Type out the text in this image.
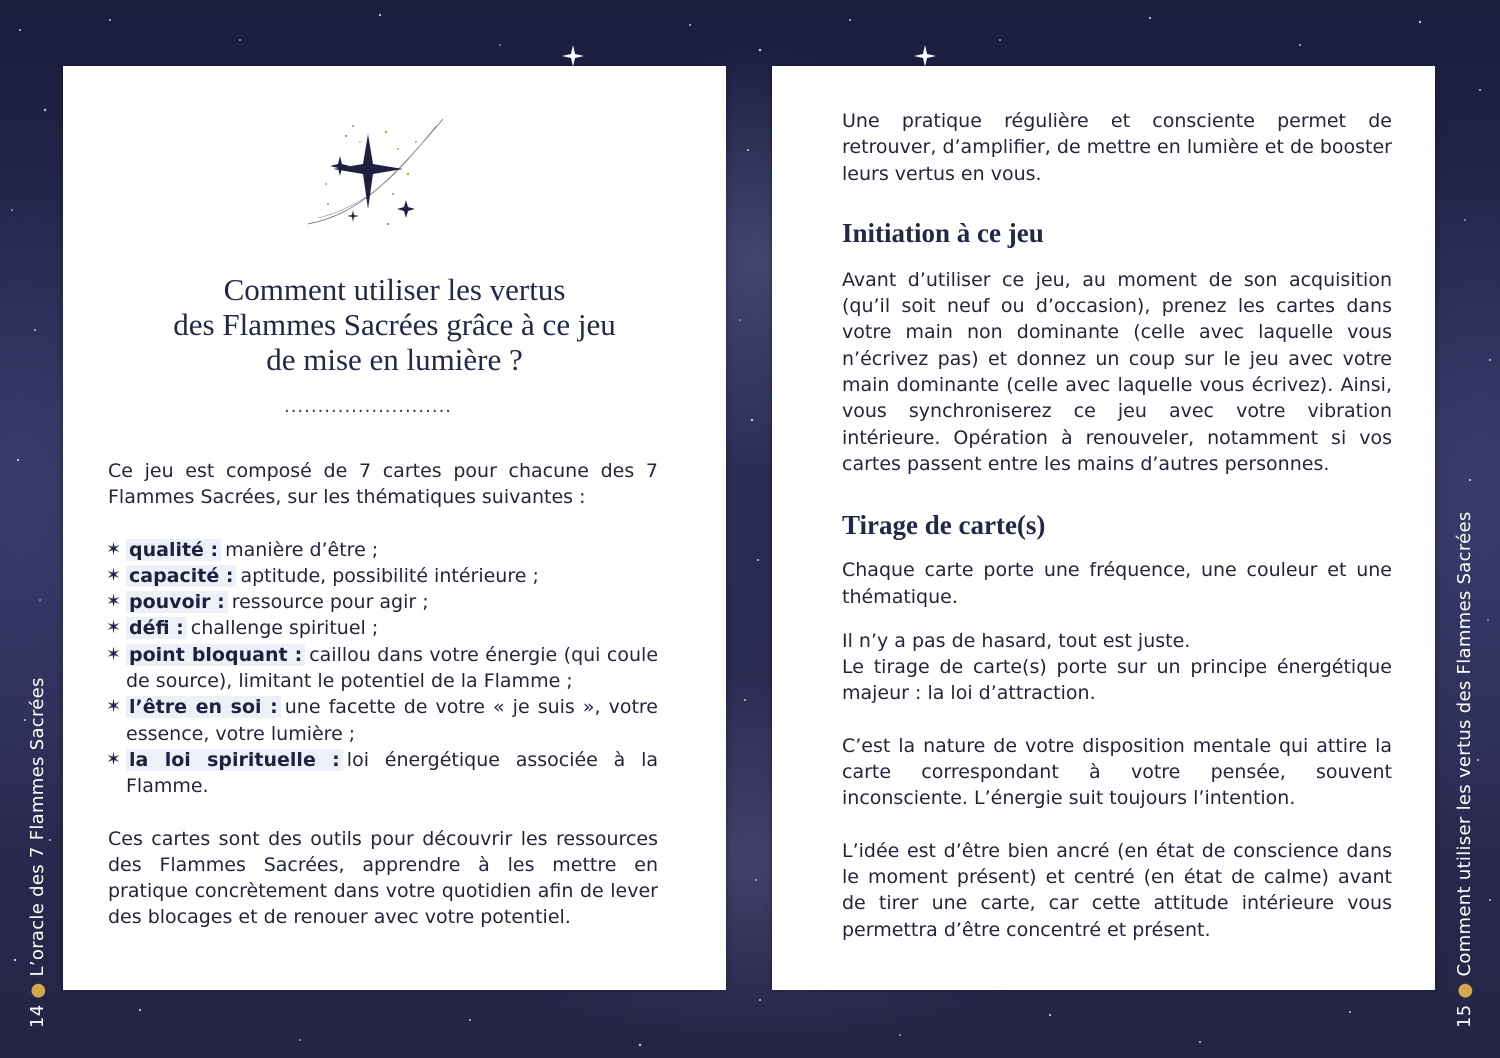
Comment utiliser les vertus
des Flammes Sacrées grâce à ce jeu
de mise en lumière ?
.........................

Ce jeu est composé de 7 cartes pour chacune des 7 Flammes Sacrées, sur les thématiques suivantes :

✶ qualité : manière d’être ;
✶ capacité : aptitude, possibilité intérieure ;
✶ pouvoir : ressource pour agir ;
✶ défi : challenge spirituel ;
✶ point bloquant : caillou dans votre énergie (qui coule de source), limitant le potentiel de la Flamme ;
✶ l’être en soi : une facette de votre « je suis », votre essence, votre lumière ;
✶ la loi spirituelle : loi énergétique associée à la Flamme.

Ces cartes sont des outils pour découvrir les ressources des Flammes Sacrées, apprendre à les mettre en pratique concrètement dans votre quotidien afin de lever des blocages et de renouer avec votre potentiel.

Une pratique régulière et consciente permet de retrouver, d’amplifier, de mettre en lumière et de booster leurs vertus en vous.

Initiation à ce jeu

Avant d’utiliser ce jeu, au moment de son acquisition (qu’il soit neuf ou d’occasion), prenez les cartes dans votre main non dominante (celle avec laquelle vous n’écrivez pas) et donnez un coup sur le jeu avec votre main dominante (celle avec laquelle vous écrivez). Ainsi, vous synchroniserez ce jeu avec votre vibration intérieure. Opération à renouveler, notamment si vos cartes passent entre les mains d’autres personnes.

Tirage de carte(s)

Chaque carte porte une fréquence, une couleur et une thématique.

Il n’y a pas de hasard, tout est juste.

Le tirage de carte(s) porte sur un principe énergétique majeur : la loi d’attraction.

C’est la nature de votre disposition mentale qui attire la carte correspondant à votre pensée, souvent inconsciente. L’énergie suit toujours l’intention.

L’idée est d’être bien ancré (en état de conscience dans le moment présent) et centré (en état de calme) avant de tirer une carte, car cette attitude intérieure vous permettra d’être concentré et présent.

14●L’oracle des 7 Flammes Sacrées
15●Comment utiliser les vertus des Flammes Sacrées
